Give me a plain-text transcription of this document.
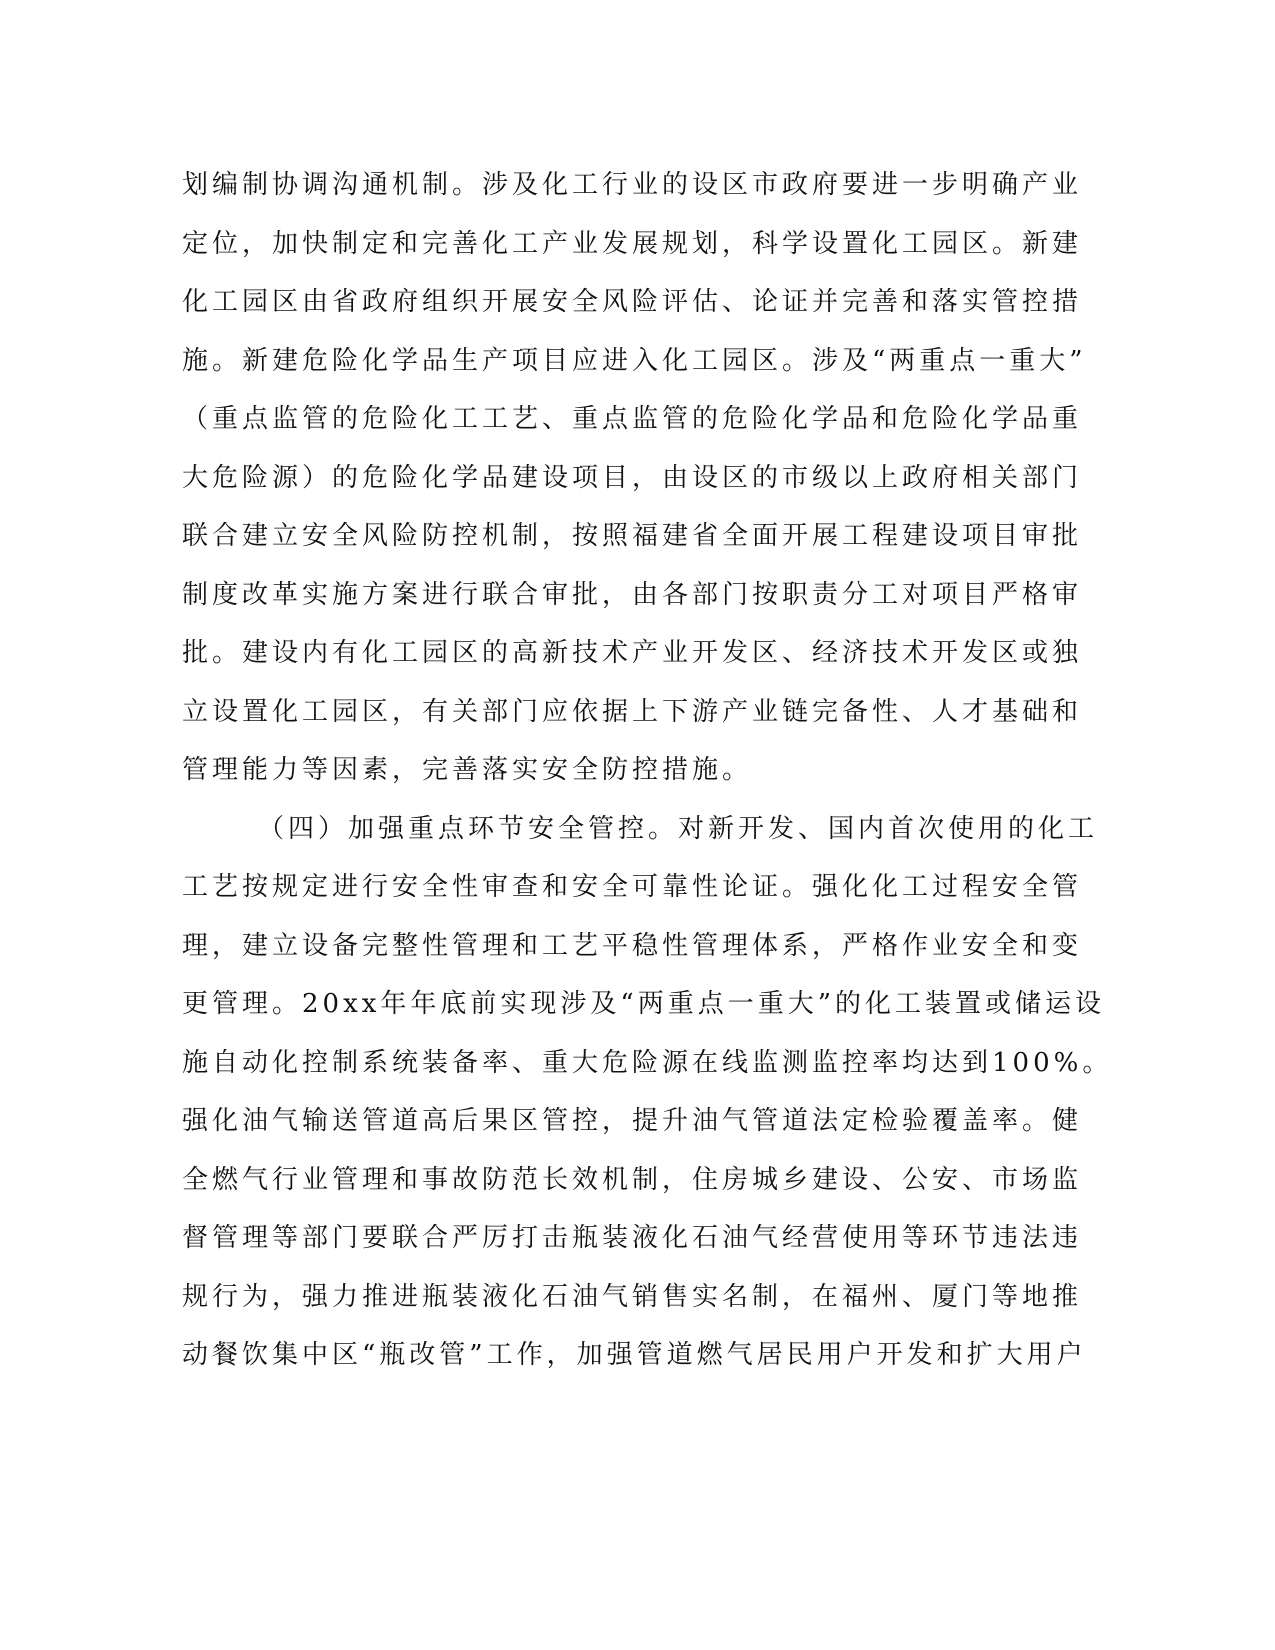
划编制协调沟通机制。涉及化工行业的设区市政府要进一步明确产业
定位，加快制定和完善化工产业发展规划，科学设置化工园区。新建
化工园区由省政府组织开展安全风险评估、论证并完善和落实管控措
施。新建危险化学品生产项目应进入化工园区。涉及“两重点一重大”
（重点监管的危险化工工艺、重点监管的危险化学品和危险化学品重
大危险源）的危险化学品建设项目，由设区的市级以上政府相关部门
联合建立安全风险防控机制，按照福建省全面开展工程建设项目审批
制度改革实施方案进行联合审批，由各部门按职责分工对项目严格审
批。建设内有化工园区的高新技术产业开发区、经济技术开发区或独
立设置化工园区，有关部门应依据上下游产业链完备性、人才基础和
管理能力等因素，完善落实安全防控措施。
（四）加强重点环节安全管控。对新开发、国内首次使用的化工
工艺按规定进行安全性审查和安全可靠性论证。强化化工过程安全管
理，建立设备完整性管理和工艺平稳性管理体系，严格作业安全和变
更管理。20xx年年底前实现涉及“两重点一重大”的化工装置或储运设
施自动化控制系统装备率、重大危险源在线监测监控率均达到100%。
强化油气输送管道高后果区管控，提升油气管道法定检验覆盖率。健
全燃气行业管理和事故防范长效机制，住房城乡建设、公安、市场监
督管理等部门要联合严厉打击瓶装液化石油气经营使用等环节违法违
规行为，强力推进瓶装液化石油气销售实名制，在福州、厦门等地推
动餐饮集中区“瓶改管”工作，加强管道燃气居民用户开发和扩大用户
